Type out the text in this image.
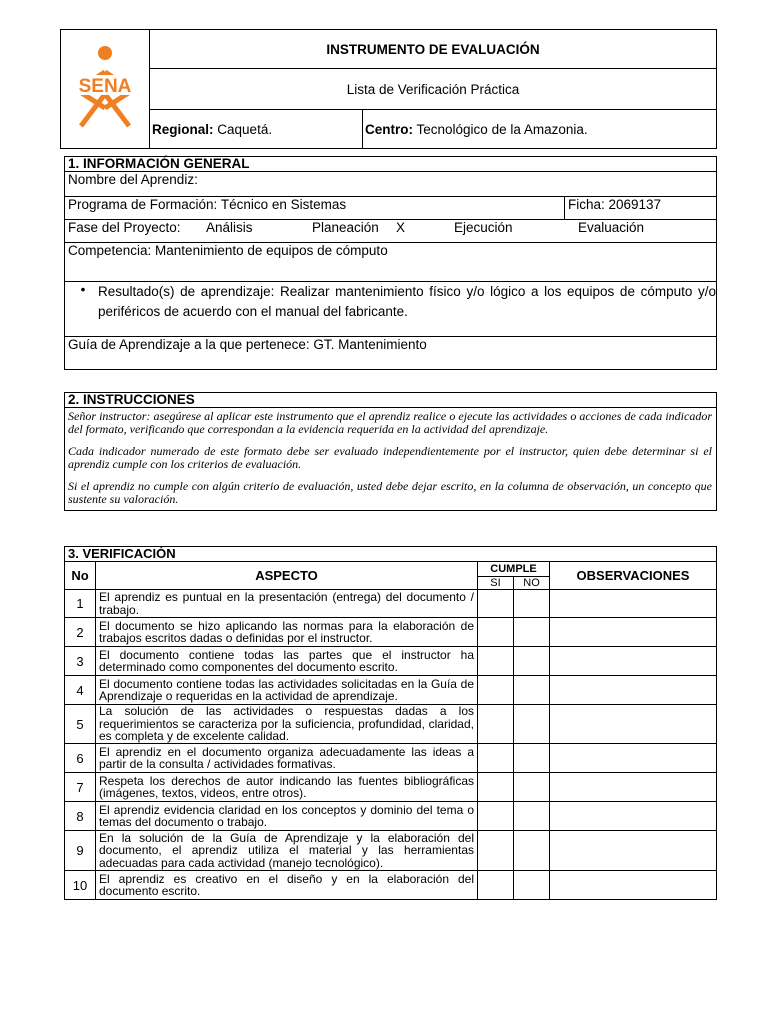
SENA	INSTRUMENTO DE EVALUACIÓN	
	Lista de Verificación Práctica	
	Regional: Caquetá.	Centro: Tecnológico de la Amazonia.
1. INFORMACIÓN GENERAL
Nombre del Aprendiz:
Programa de Formación: Técnico en Sistemas	Ficha: 2069137
Fase del Proyecto: Análisis	Planeación X	Ejecución	Evaluación
Competencia: Mantenimiento de equipos de cómputo

• Resultado(s) de aprendizaje: Realizar mantenimiento físico y/o lógico a los equipos de cómputo y/o periféricos de acuerdo con el manual del fabricante.

Guía de Aprendizaje a la que pertenece: GT. Mantenimiento
2. INSTRUCCIONES

Señor instructor: asegúrese al aplicar este instrumento que el aprendiz realice o ejecute las actividades o acciones de cada indicador del formato, verificando que correspondan a la evidencia requerida en la actividad del aprendizaje.

Cada indicador numerado de este formato debe ser evaluado independientemente por el instructor, quien debe determinar si el aprendiz cumple con los criterios de evaluación.

Si el aprendiz no cumple con algún criterio de evaluación, usted debe dejar escrito, en la columna de observación, un concepto que sustente su valoración.

3. VERIFICACIÓN				
No	ASPECTO	CUMPLE		OBSERVACIONES
		SI	NO	
1	El aprendiz es puntual en la presentación (entrega) del documento / trabajo.			
2	El documento se hizo aplicando las normas para la elaboración de trabajos escritos dadas o definidas por el instructor.			
3	El documento contiene todas las partes que el instructor ha determinado como componentes del documento escrito.			
4	El documento contiene todas las actividades solicitadas en la Guía de Aprendizaje o requeridas en la actividad de aprendizaje.			
5	La solución de las actividades o respuestas dadas a los requerimientos se caracteriza por la suficiencia, profundidad, claridad, es completa y de excelente calidad.			
6	El aprendiz en el documento organiza adecuadamente las ideas a partir de la consulta / actividades formativas.			
7	Respeta los derechos de autor indicando las fuentes bibliográficas (imágenes, textos, videos, entre otros).			
8	El aprendiz evidencia claridad en los conceptos y dominio del tema o temas del documento o trabajo.			
9	En la solución de la Guía de Aprendizaje y la elaboración del documento, el aprendiz utiliza el material y las herramientas adecuadas para cada actividad (manejo tecnológico).			
10	El aprendiz es creativo en el diseño y en la elaboración del documento escrito.			
